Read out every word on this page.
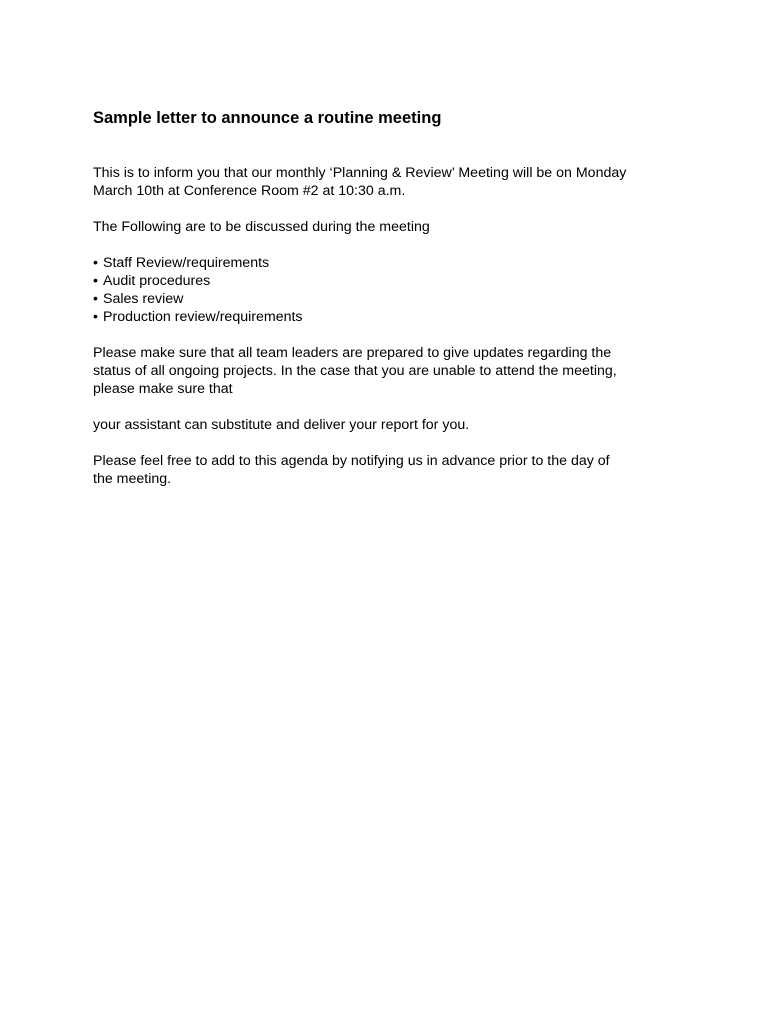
Sample letter to announce a routine meeting

This is to inform you that our monthly ‘Planning & Review’ Meeting will be on Monday
March 10th at Conference Room #2 at 10:30 a.m.

The Following are to be discussed during the meeting

• Staff Review/requirements
• Audit procedures
• Sales review
• Production review/requirements

Please make sure that all team leaders are prepared to give updates regarding the
status of all ongoing projects. In the case that you are unable to attend the meeting,
please make sure that

your assistant can substitute and deliver your report for you.

Please feel free to add to this agenda by notifying us in advance prior to the day of
the meeting.
